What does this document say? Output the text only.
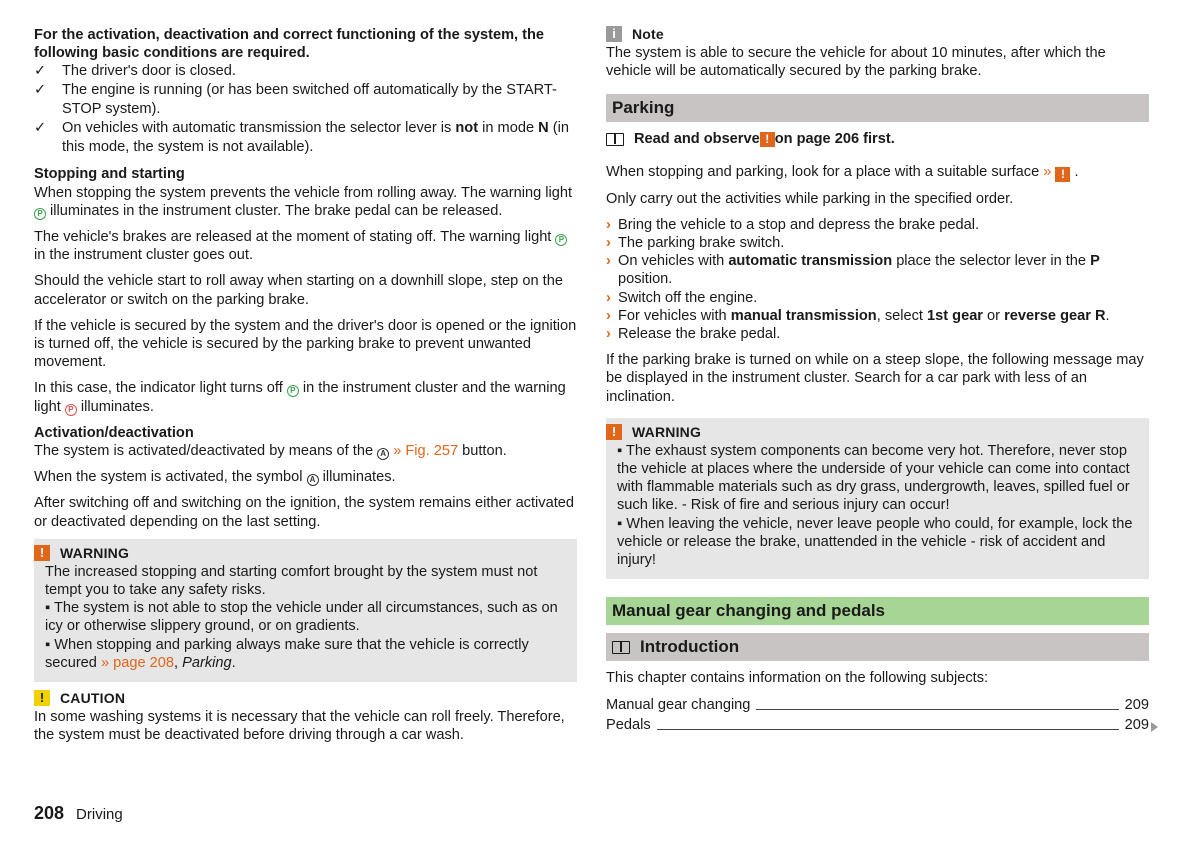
For the activation, deactivation and correct functioning of the system, the following basic conditions are required.

✓	The driver's door is closed.
✓	The engine is running (or has been switched off automatically by the START-STOP system).
✓	On vehicles with automatic transmission the selector lever is not in mode N (in this mode, the system is not available).

Stopping and starting

When stopping the system prevents the vehicle from rolling away. The warning light P illuminates in the instrument cluster. The brake pedal can be released.

The vehicle's brakes are released at the moment of stating off. The warning light P in the instrument cluster goes out.

Should the vehicle start to roll away when starting on a downhill slope, step on the accelerator or switch on the parking brake.

If the vehicle is secured by the system and the driver's door is opened or the ignition is turned off, the vehicle is secured by the parking brake to prevent unwanted movement.

In this case, the indicator light turns off P in the instrument cluster and the warning light P illuminates.

Activation/deactivation

The system is activated/deactivated by means of the A » Fig. 257 button.

When the system is activated, the symbol A illuminates.

After switching off and switching on the ignition, the system remains either activated or deactivated depending on the last setting.

!	WARNING

The increased stopping and starting comfort brought by the system must not tempt you to take any safety risks.

▪ The system is not able to stop the vehicle under all circumstances, such as on icy or otherwise slippery ground, or on gradients.

▪ When stopping and parking always make sure that the vehicle is correctly secured » page 208, Parking.

!	CAUTION

In some washing systems it is necessary that the vehicle can roll freely. Therefore, the system must be deactivated before driving through a car wash.

i	Note

The system is able to secure the vehicle for about 10 minutes, after which the vehicle will be automatically secured by the parking brake.

Parking

Read and observe ! on page 206 first.

When stopping and parking, look for a place with a suitable surface » ! .

Only carry out the activities while parking in the specified order.

› Bring the vehicle to a stop and depress the brake pedal.
› The parking brake switch.
› On vehicles with automatic transmission place the selector lever in the P position.
› Switch off the engine.
› For vehicles with manual transmission, select 1st gear or reverse gear R.
› Release the brake pedal.

If the parking brake is turned on while on a steep slope, the following message may be displayed in the instrument cluster. Search for a car park with less of an inclination.

!	WARNING

▪ The exhaust system components can become very hot. Therefore, never stop the vehicle at places where the underside of your vehicle can come into contact with flammable materials such as dry grass, undergrowth, leaves, spilled fuel or such like. - Risk of fire and serious injury can occur!

▪ When leaving the vehicle, never leave people who could, for example, lock the vehicle or release the brake, unattended in the vehicle - risk of accident and injury!

Manual gear changing and pedals
Introduction

This chapter contains information on the following subjects:

Manual gear changing	209
Pedals	209
208 Driving
